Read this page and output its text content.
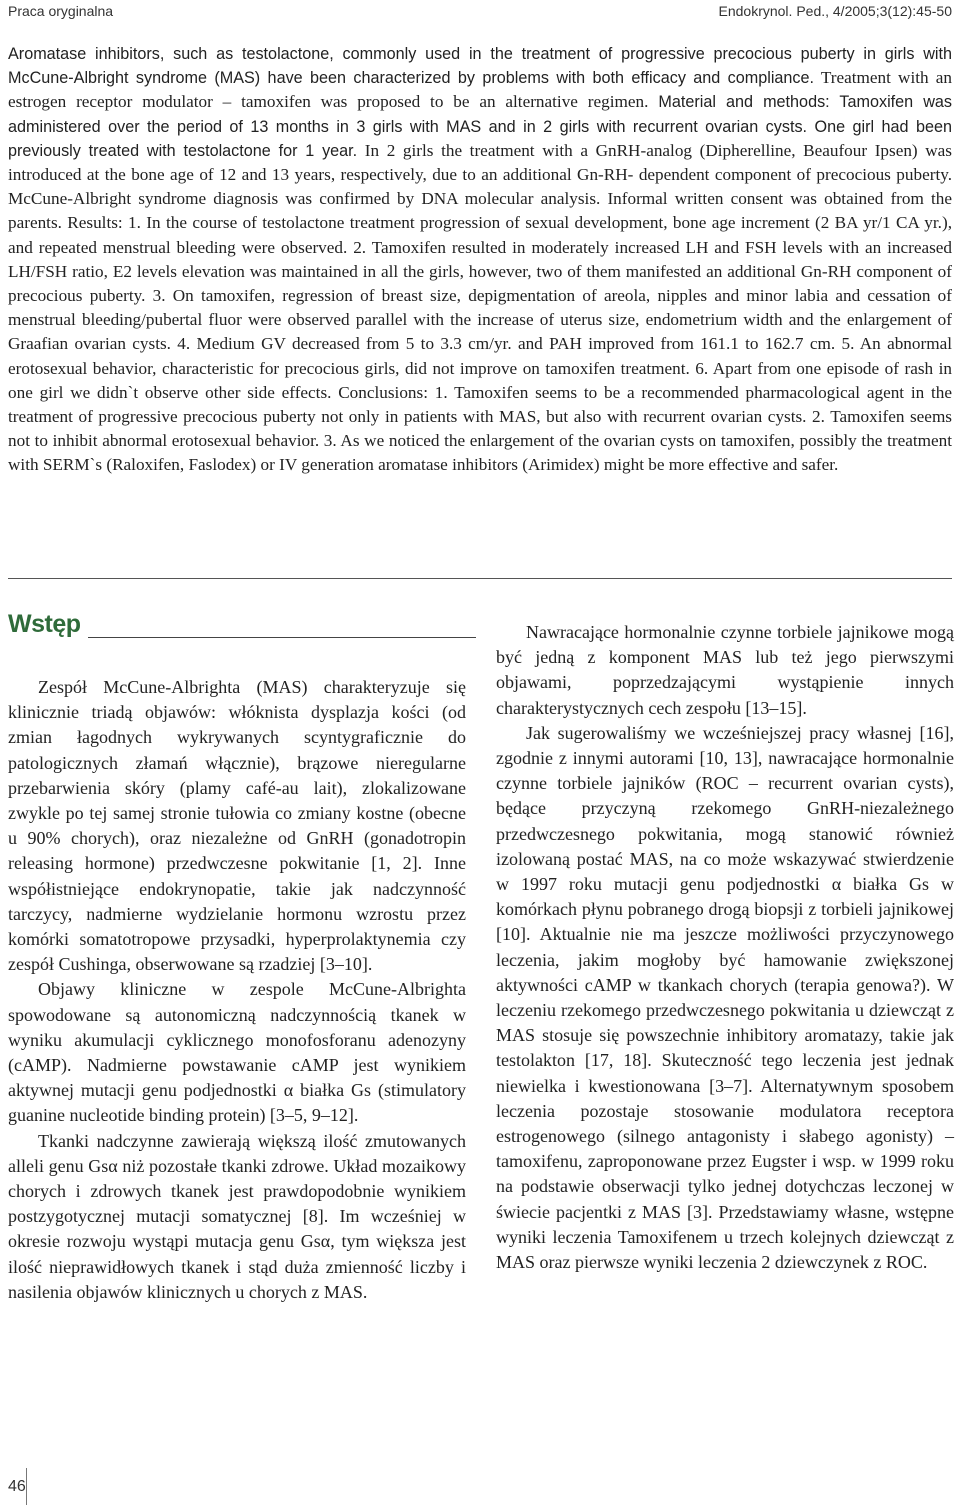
Praca oryginalna	Endokrynol. Ped., 4/2005;3(12):45-50
Aromatase inhibitors, such as testolactone, commonly used in the treatment of progressive precocious puberty in girls with McCune-Albright syndrome (MAS) have been characterized by problems with both efficacy and compliance. Treatment with an estrogen receptor modulator – tamoxifen was proposed to be an alternative regimen. Material and methods: Tamoxifen was administered over the period of 13 months in 3 girls with MAS and in 2 girls with recurrent ovarian cysts. One girl had been previously treated with testolactone for 1 year. In 2 girls the treatment with a GnRH-analog (Dipherelline, Beaufour Ipsen) was introduced at the bone age of 12 and 13 years, respectively, due to an additional Gn-RH- dependent component of precocious puberty. McCune-Albright syndrome diagnosis was confirmed by DNA molecular analysis. Informal written consent was obtained from the parents. Results: 1. In the course of testolactone treatment progression of sexual development, bone age increment (2 BA yr/1 CA yr.), and repeated menstrual bleeding were observed. 2. Tamoxifen resulted in moderately increased LH and FSH levels with an increased LH/FSH ratio, E2 levels elevation was maintained in all the girls, however, two of them manifested an additional Gn-RH component of precocious puberty. 3. On tamoxifen, regression of breast size, depigmentation of areola, nipples and minor labia and cessation of menstrual bleeding/pubertal fluor were observed parallel with the increase of uterus size, endometrium width and the enlargement of Graafian ovarian cysts. 4. Medium GV decreased from 5 to 3.3 cm/yr. and PAH improved from 161.1 to 162.7 cm. 5. An abnormal erotosexual behavior, characteristic for precocious girls, did not improve on tamoxifen treatment. 6. Apart from one episode of rash in one girl we didn`t observe other side effects. Conclusions: 1. Tamoxifen seems to be a recommended pharmacological agent in the treatment of progressive precocious puberty not only in patients with MAS, but also with recurrent ovarian cysts. 2. Tamoxifen seems not to inhibit abnormal erotosexual behavior. 3. As we noticed the enlargement of the ovarian cysts on tamoxifen, possibly the treatment with SERM`s (Raloxifen, Faslodex) or IV generation aromatase inhibitors (Arimidex) might be more effective and safer.
Wstęp

Zespół McCune-Albrighta (MAS) charakteryzuje się klinicznie triadą objawów: włóknista dysplazja kości (od zmian łagodnych wykrywanych scyntygraficznie do patologicznych złamań włącznie), brązowe nieregularne przebarwienia skóry (plamy café-au lait), zlokalizowane zwykle po tej samej stronie tułowia co zmiany kostne (obecne u 90% chorych), oraz niezależne od GnRH (gonadotropin releasing hormone) przedwczesne pokwitanie [1, 2]. Inne współistniejące endokrynopatie, takie jak nadczynność tarczycy, nadmierne wydzielanie hormonu wzrostu przez komórki somatotropowe przysadki, hyperprolaktynemia czy zespół Cushinga, obserwowane są rzadziej [3–10].

Objawy kliniczne w zespole McCune-Albrighta spowodowane są autonomiczną nadczynnością tkanek w wyniku akumulacji cyklicznego monofosforanu adenozyny (cAMP). Nadmierne powstawanie cAMP jest wynikiem aktywnej mutacji genu podjednostki α białka Gs (stimulatory guanine nucleotide binding protein) [3–5, 9–12].

Tkanki nadczynne zawierają większą ilość zmutowanych alleli genu Gsα niż pozostałe tkanki zdrowe. Układ mozaikowy chorych i zdrowych tkanek jest prawdopodobnie wynikiem postzygotycznej mutacji somatycznej [8]. Im wcześniej w okresie rozwoju wystąpi mutacja genu Gsα, tym większa jest ilość nieprawidłowych tkanek i stąd duża zmienność liczby i nasilenia objawów klinicznych u chorych z MAS.

Nawracające hormonalnie czynne torbiele jajnikowe mogą być jedną z komponent MAS lub też jego pierwszymi objawami, poprzedzającymi wystąpienie innych charakterystycznych cech zespołu [13–15].

Jak sugerowaliśmy we wcześniejszej pracy własnej [16], zgodnie z innymi autorami [10, 13], nawracające hormonalnie czynne torbiele jajników (ROC – recurrent ovarian cysts), będące przyczyną rzekomego GnRH-niezależnego przedwczesnego pokwitania, mogą stanowić również izolowaną postać MAS, na co może wskazywać stwierdzenie w 1997 roku mutacji genu podjednostki α białka Gs w komórkach płynu pobranego drogą biopsji z torbieli jajnikowej [10]. Aktualnie nie ma jeszcze możliwości przyczynowego leczenia, jakim mogłoby być hamowanie zwiększonej aktywności cAMP w tkankach chorych (terapia genowa?). W leczeniu rzekomego przedwczesnego pokwitania u dziewcząt z MAS stosuje się powszechnie inhibitory aromatazy, takie jak testolakton [17, 18]. Skuteczność tego leczenia jest jednak niewielka i kwestionowana [3–7]. Alternatywnym sposobem leczenia pozostaje stosowanie modulatora receptora estrogenowego (silnego antagonisty i słabego agonisty) – tamoxifenu, zaproponowane przez Eugster i wsp. w 1999 roku na podstawie obserwacji tylko jednej dotychczas leczonej w świecie pacjentki z MAS [3]. Przedstawiamy własne, wstępne wyniki leczenia Tamoxifenem u trzech kolejnych dziewcząt z MAS oraz pierwsze wyniki leczenia 2 dziewczynek z ROC.

46
